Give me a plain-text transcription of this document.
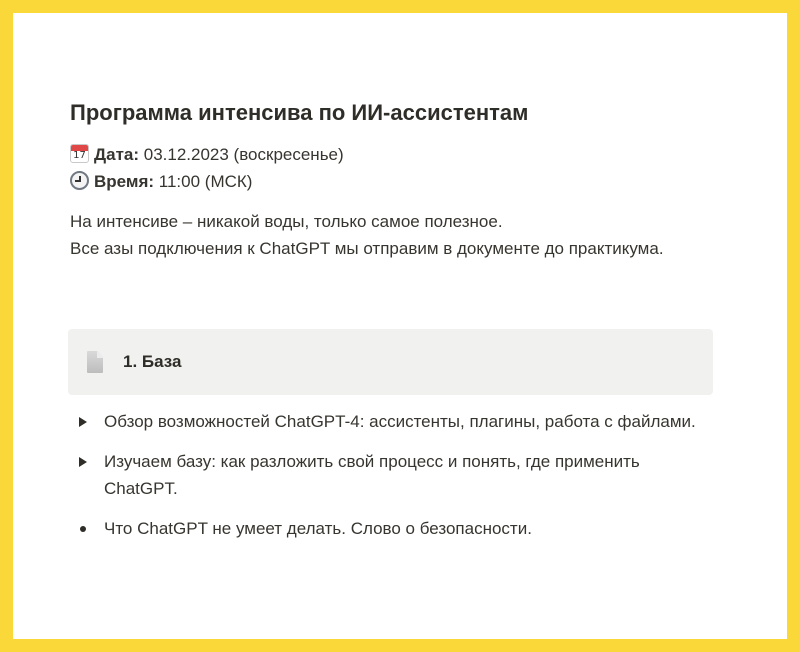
Программа интенсива по ИИ-ассистентам
17 Дата: 03.12.2023 (воскресенье)
Время: 11:00 (МСК)
На интенсиве – никакой воды, только самое полезное.
Все азы подключения к ChatGPT мы отправим в документе до практикума.
1. База
Обзор возможностей ChatGPT-4: ассистенты, плагины, работа с файлами.
Изучаем базу: как разложить свой процесс и понять, где применить ChatGPT.
Что ChatGPT не умеет делать. Слово о безопасности.
